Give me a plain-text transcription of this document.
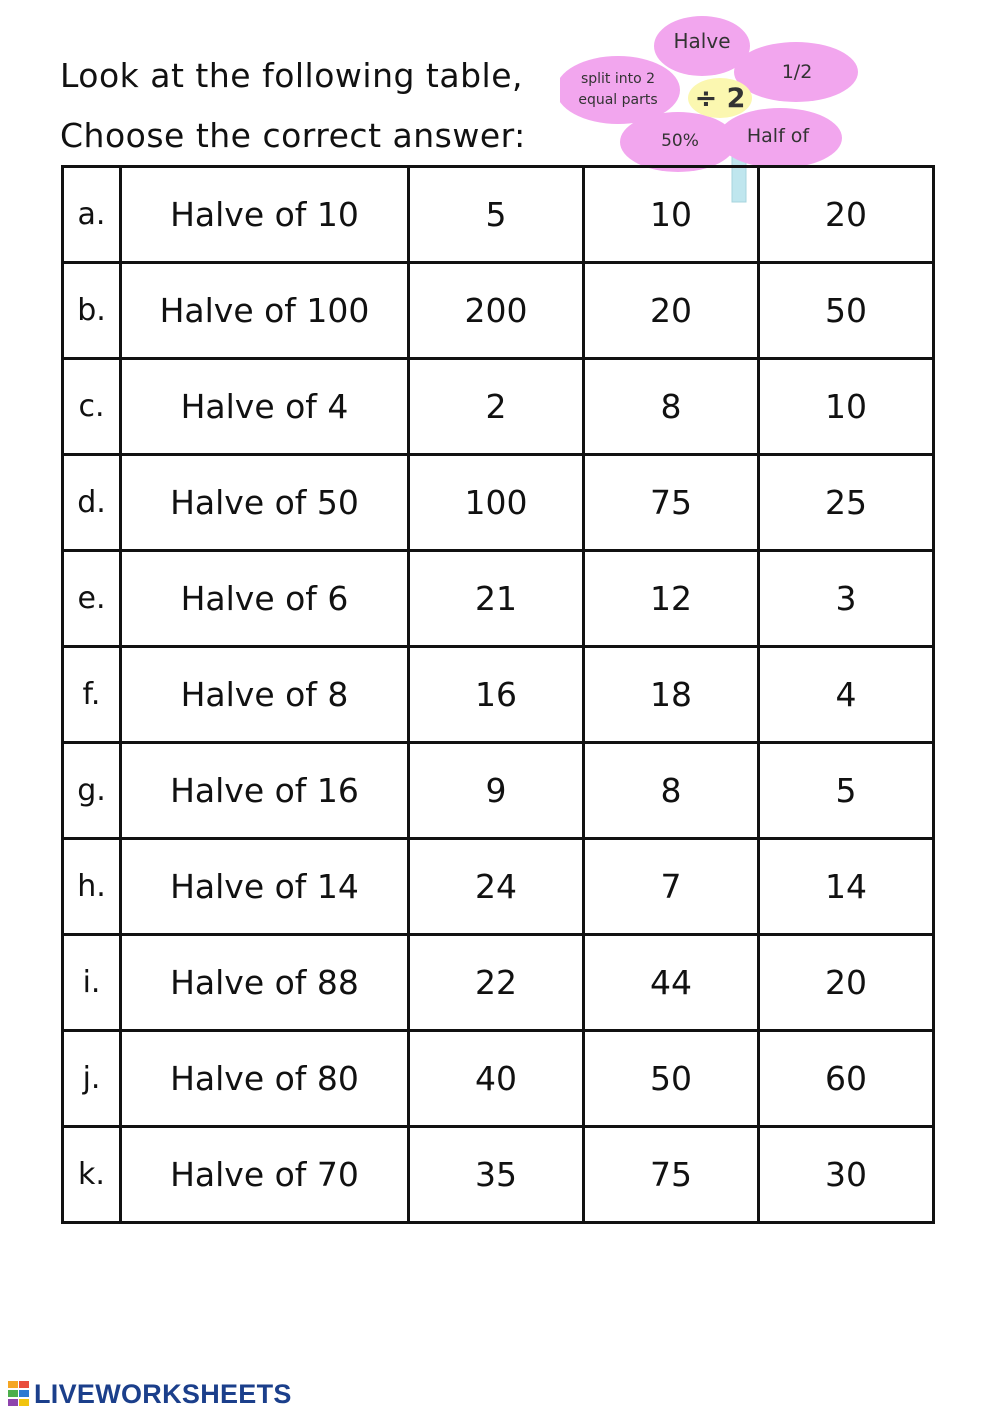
Look at the following table,
Choose the correct answer:
Halve
1/2
split into 2
equal parts
50%	Half of
÷ 2
a.	Halve of 10	5	10	20
b.	Halve of 100	200	20	50
c.	Halve of 4	2	8	10
d.	Halve of 50	100	75	25
e.	Halve of 6	21	12	3
f.	Halve of 8	16	18	4
g.	Halve of 16	9	8	5
h.	Halve of 14	24	7	14
i.	Halve of 88	22	44	20
j.	Halve of 80	40	50	60
k.	Halve of 70	35	75	30
LIVEWORKSHEETS
